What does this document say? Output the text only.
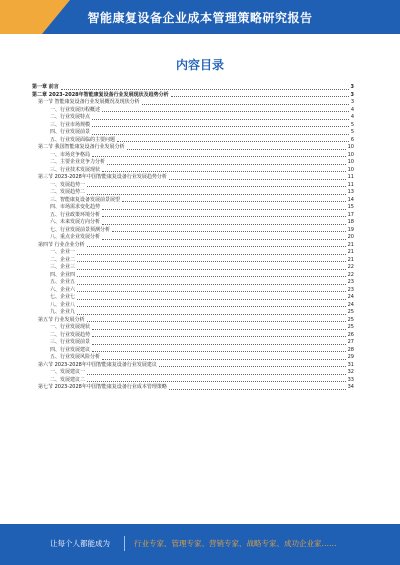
智能康复设备企业成本管理策略研究报告
内容目录
第一章 前言	3
第二章 2023-2028年智能康复设备行业发展现状及趋势分析	3
第一节 智能康复设备行业发展概况及现状分析	3
一、行业发展历程概述	4
二、行业发展特点	4
三、行业市场规模	5
四、行业发展前景	5
五、行业发展面临的主要问题	6
第二节 我国智能康复设备行业发展分析	10
一、市场竞争格局	10
二、主要企业竞争力分析	10
三、行业技术发展现状	10
第三节 2023-2028年中国智能康复设备行业发展趋势分析	11
一、发展趋势一	11
二、发展趋势二	13
三、智能康复设备发展前景展望	14
四、市场需求变化趋势	15
五、行业政策环境分析	17
六、未来发展方向分析	18
七、行业发展前景预测分析	19
八、重点企业发展分析	20
第四节 行业企业分析	21
一、企业一	21
二、企业二	21
三、企业三	22
四、企业四	22
五、企业五	23
六、企业六	23
七、企业七	24
八、企业八	24
九、企业九	25
第五节 行业发展分析	25
一、行业发展现状	25
二、行业发展趋势	26
三、行业发展前景	27
四、行业发展建议	28
五、行业发展风险分析	29
第六节 2023-2028年中国智能康复设备行业发展建议	31
一、发展建议一	32
二、发展建议二	33
第七节 2023-2028年中国智能康复设备行业成本管理策略	34
让每个人都能成为	行业专家、管理专家、营销专家、战略专家、成功企业家……
